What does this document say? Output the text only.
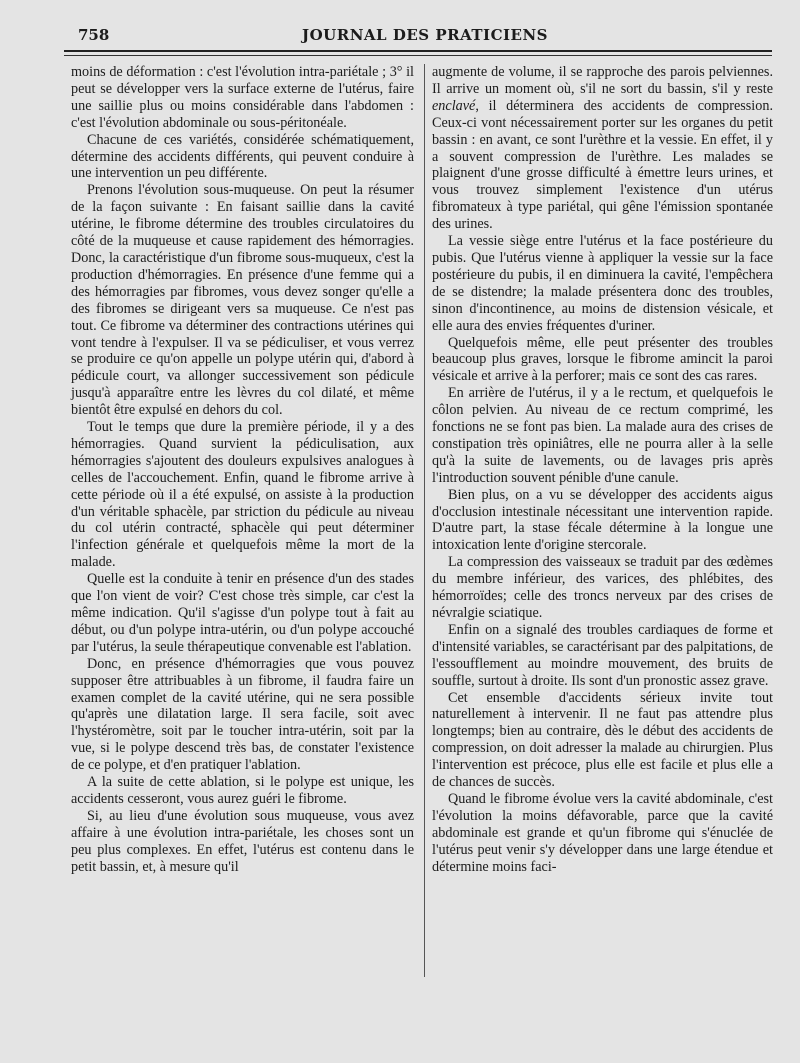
758	JOURNAL DES PRATICIENS

moins de déformation : c'est l'évolution intra-pariétale ; 3° il peut se développer vers la surface externe de l'utérus, faire une saillie plus ou moins considérable dans l'abdomen : c'est l'évolution abdominale ou sous-péritonéale.

Chacune de ces variétés, considérée schématiquement, détermine des accidents différents, qui peuvent conduire à une intervention un peu différente.

Prenons l'évolution sous-muqueuse. On peut la résumer de la façon suivante : En faisant saillie dans la cavité utérine, le fibrome détermine des troubles circulatoires du côté de la muqueuse et cause rapidement des hémorragies. Donc, la caractéristique d'un fibrome sous-muqueux, c'est la production d'hémorragies. En présence d'une femme qui a des hémorragies par fibromes, vous devez songer qu'elle a des fibromes se dirigeant vers sa muqueuse. Ce n'est pas tout. Ce fibrome va déterminer des contractions utérines qui vont tendre à l'expulser. Il va se pédiculiser, et vous verrez se produire ce qu'on appelle un polype utérin qui, d'abord à pédicule court, va allonger successivement son pédicule jusqu'à apparaître entre les lèvres du col dilaté, et même bientôt être expulsé en dehors du col.

Tout le temps que dure la première période, il y a des hémorragies. Quand survient la pédiculisation, aux hémorragies s'ajoutent des douleurs expulsives analogues à celles de l'accouchement. Enfin, quand le fibrome arrive à cette période où il a été expulsé, on assiste à la production d'un véritable sphacèle, par striction du pédicule au niveau du col utérin contracté, sphacèle qui peut déterminer l'infection générale et quelquefois même la mort de la malade.

Quelle est la conduite à tenir en présence d'un des stades que l'on vient de voir? C'est chose très simple, car c'est la même indication. Qu'il s'agisse d'un polype tout à fait au début, ou d'un polype intra-utérin, ou d'un polype accouché par l'utérus, la seule thérapeutique convenable est l'ablation.

Donc, en présence d'hémorragies que vous pouvez supposer être attribuables à un fibrome, il faudra faire un examen complet de la cavité utérine, qui ne sera possible qu'après une dilatation large. Il sera facile, soit avec l'hystéromètre, soit par le toucher intra-utérin, soit par la vue, si le polype descend très bas, de constater l'existence de ce polype, et d'en pratiquer l'ablation.

A la suite de cette ablation, si le polype est unique, les accidents cesseront, vous aurez guéri le fibrome.

Si, au lieu d'une évolution sous muqueuse, vous avez affaire à une évolution intra-pariétale, les choses sont un peu plus complexes. En effet, l'utérus est contenu dans le petit bassin, et, à mesure qu'il

augmente de volume, il se rapproche des parois pelviennes. Il arrive un moment où, s'il ne sort du bassin, s'il y reste enclavé, il déterminera des accidents de compression. Ceux-ci vont nécessairement porter sur les organes du petit bassin : en avant, ce sont l'urèthre et la vessie. En effet, il y a souvent compression de l'urèthre. Les malades se plaignent d'une grosse difficulté à émettre leurs urines, et vous trouvez simplement l'existence d'un utérus fibromateux à type pariétal, qui gêne l'émission spontanée des urines.

La vessie siège entre l'utérus et la face postérieure du pubis. Que l'utérus vienne à appliquer la vessie sur la face postérieure du pubis, il en diminuera la cavité, l'empêchera de se distendre; la malade présentera donc des troubles, sinon d'incontinence, au moins de distension vésicale, et elle aura des envies fréquentes d'uriner.

Quelquefois même, elle peut présenter des troubles beaucoup plus graves, lorsque le fibrome amincit la paroi vésicale et arrive à la perforer; mais ce sont des cas rares.

En arrière de l'utérus, il y a le rectum, et quelquefois le côlon pelvien. Au niveau de ce rectum comprimé, les fonctions ne se font pas bien. La malade aura des crises de constipation très opiniâtres, elle ne pourra aller à la selle qu'à la suite de lavements, ou de lavages pris après l'introduction souvent pénible d'une canule.

Bien plus, on a vu se développer des accidents aigus d'occlusion intestinale nécessitant une intervention rapide. D'autre part, la stase fécale détermine à la longue une intoxication lente d'origine stercorale.

La compression des vaisseaux se traduit par des œdèmes du membre inférieur, des varices, des phlébites, des hémorroïdes; celle des troncs nerveux par des crises de névralgie sciatique.

Enfin on a signalé des troubles cardiaques de forme et d'intensité variables, se caractérisant par des palpitations, de l'essoufflement au moindre mouvement, des bruits de souffle, surtout à droite. Ils sont d'un pronostic assez grave.

Cet ensemble d'accidents sérieux invite tout naturellement à intervenir. Il ne faut pas attendre plus longtemps; bien au contraire, dès le début des accidents de compression, on doit adresser la malade au chirurgien. Plus l'intervention est précoce, plus elle est facile et plus elle a de chances de succès.

Quand le fibrome évolue vers la cavité abdominale, c'est l'évolution la moins défavorable, parce que la cavité abdominale est grande et qu'un fibrome qui s'énuclée de l'utérus peut venir s'y développer dans une large étendue et détermine moins faci-
